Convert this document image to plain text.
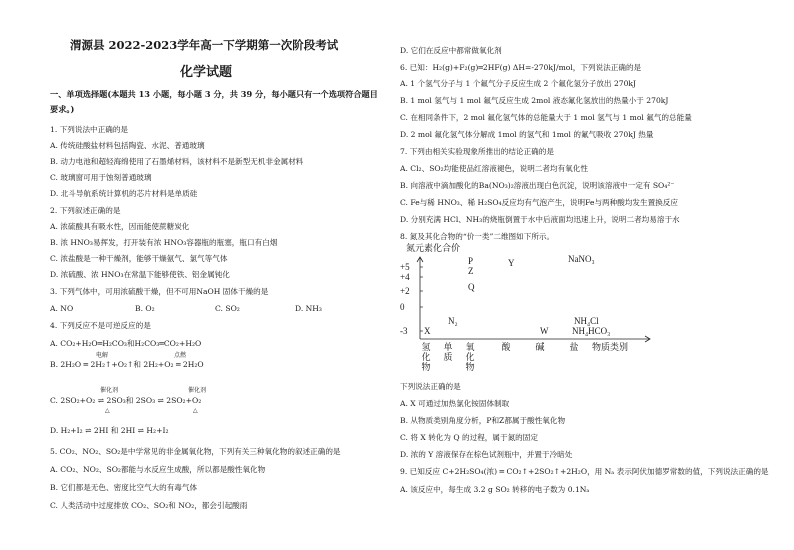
渭源县 2022-2023学年高一下学期第一次阶段考试
化学试题
一、单项选择题(本题共 13 小题，每小题 3 分，共 39 分，每小题只有一个选项符合题目
要求。)
1. 下列说法中正确的是
A. 传统硅酸盐材料包括陶瓷、水泥、普通玻璃
B. 动力电池和超轻海绵使用了石墨烯材料，该材料不是新型无机非金属材料
C. 玻璃窗可用于蚀刻普通玻璃
D. 北斗导航系统计算机的芯片材料是单质硅
2. 下列叙述正确的是
A. 浓硫酸具有吸水性，因而能使蔗糖炭化
B. 浓 HNO₃易挥发，打开装有浓 HNO₃容器瓶的瓶塞，瓶口有白烟
C. 浓盐酸是一种干燥剂，能够干燥氨气、氯气等气体
D. 浓硫酸、浓 HNO₃在常温下能够使铁、铝金属钝化
3. 下列气体中，可用浓硫酸干燥，但不可用NaOH 固体干燥的是
A. NO	B. O₂	C. SO₂	D. NH₃
4. 下列反应不是可逆反应的是
A. CO₂+H₂O═H₂CO₃和H₂CO₃═CO₂+H₂O
电解	点燃
B. 2H₂O ═ 2H₂↑+O₂↑和 2H₂+O₂ ═ 2H₂O
催化剂	催化剂
C. 2SO₂+O₂ ⇌ 2SO₃和 2SO₃ ⇌ 2SO₂+O₂
△	△
D. H₂+I₂ ⇌ 2HI 和 2HI ⇌ H₂+I₂
5. CO₂、NO₂、SO₂是中学常见的非金属氧化物，下列有关三种氧化物的叙述正确的是
A. CO₂、NO₂、SO₂都能与水反应生成酸，所以都是酸性氧化物
B. 它们都是无色、密度比空气大的有毒气体
C. 人类活动中过度排放 CO₂、SO₂和 NO₂，都会引起酸雨
D. 它们在反应中都常做氧化剂
6. 已知：H₂(g)+F₂(g)═2HF(g) ΔH=-270kJ/mol，下列说法正确的是
A. 1 个氢气分子与 1 个氟气分子反应生成 2 个氟化氢分子放出 270kJ
B. 1 mol 氢气与 1 mol 氟气反应生成 2mol 液态氟化氢放出的热量小于 270kJ
C. 在相同条件下，2 mol 氟化氢气体的总能量大于 1 mol 氢气与 1 mol 氟气的总能量
D. 2 mol 氟化氢气体分解成 1mol 的氢气和 1mol 的氟气吸收 270kJ 热量
7. 下列由相关实验现象所推出的结论正确的是
A. Cl₂、SO₂均能使品红溶液褪色，说明二者均有氧化性
B. 向溶液中滴加酸化的Ba(NO₃)₂溶液出现白色沉淀，说明该溶液中一定有 SO₄²⁻
C. Fe与稀 HNO₃、稀 H₂SO₄反应均有气泡产生，说明Fe与两种酸均发生置换反应
D. 分别充满 HCl、NH₃的烧瓶倒置于水中后液面均迅速上升，说明二者均易溶于水
8. 氮及其化合物的“价一类”二维图如下所示。
氮元素化合价
+5
+4
+2
0
-3
氢化物
单质
氧化物
酸	碱	盐 物质类别
X
N₂
P
Z
Q
Y
W
NaNO₃
NH₄Cl
NH₄HCO₃
下列说法正确的是
A. X 可通过加热氯化铵固体制取
B. 从物质类别角度分析，P和Z都属于酸性氧化物
C. 将 X 转化为 Q 的过程，属于氮的固定
D. 浓的 Y 溶液保存在棕色试剂瓶中，并置于冷暗处
9. 已知反应 C+2H₂SO₄(浓) ═ CO₂↑+2SO₂↑+2H₂O，用 Nₐ 表示阿伏加德罗常数的值，下列说法正确的是
A. 该反应中，每生成 3.2 g SO₂ 转移的电子数为 0.1Nₐ
